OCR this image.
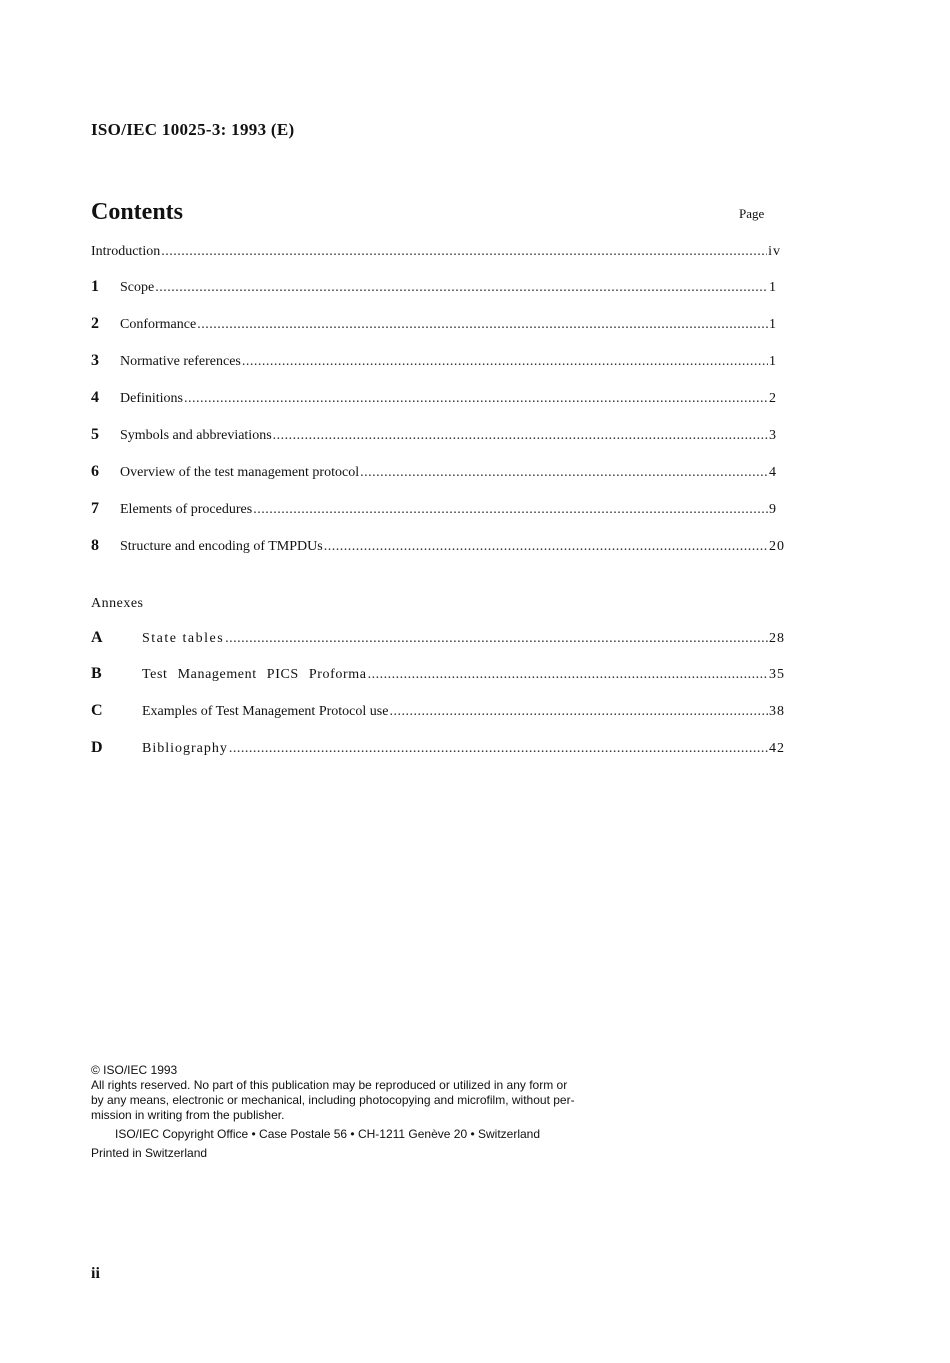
ISO/IEC 10025-3: 1993 (E)
Contents	Page
Introduction .....	iv
1	Scope .....	1
2	Conformance .....	1
3	Normative references .....	1
4	Definitions .....	2
5	Symbols and abbreviations .....	3
6	Overview of the test management protocol .....	4
7	Elements of procedures .....	9
8	Structure and encoding of TMPDUs .....	20
Annexes
A	State tables .....	28
B	Test Management PICS Proforma .....	35
C	Examples of Test Management Protocol use .....	38
D	Bibliography .....	42
© ISO/IEC 1993
All rights reserved. No part of this publication may be reproduced or utilized in any form or
by any means, electronic or mechanical, including photocopying and microfilm, without per-
mission in writing from the publisher.
ISO/IEC Copyright Office • Case Postale 56 • CH-1211 Genève 20 • Switzerland
Printed in Switzerland
ii
